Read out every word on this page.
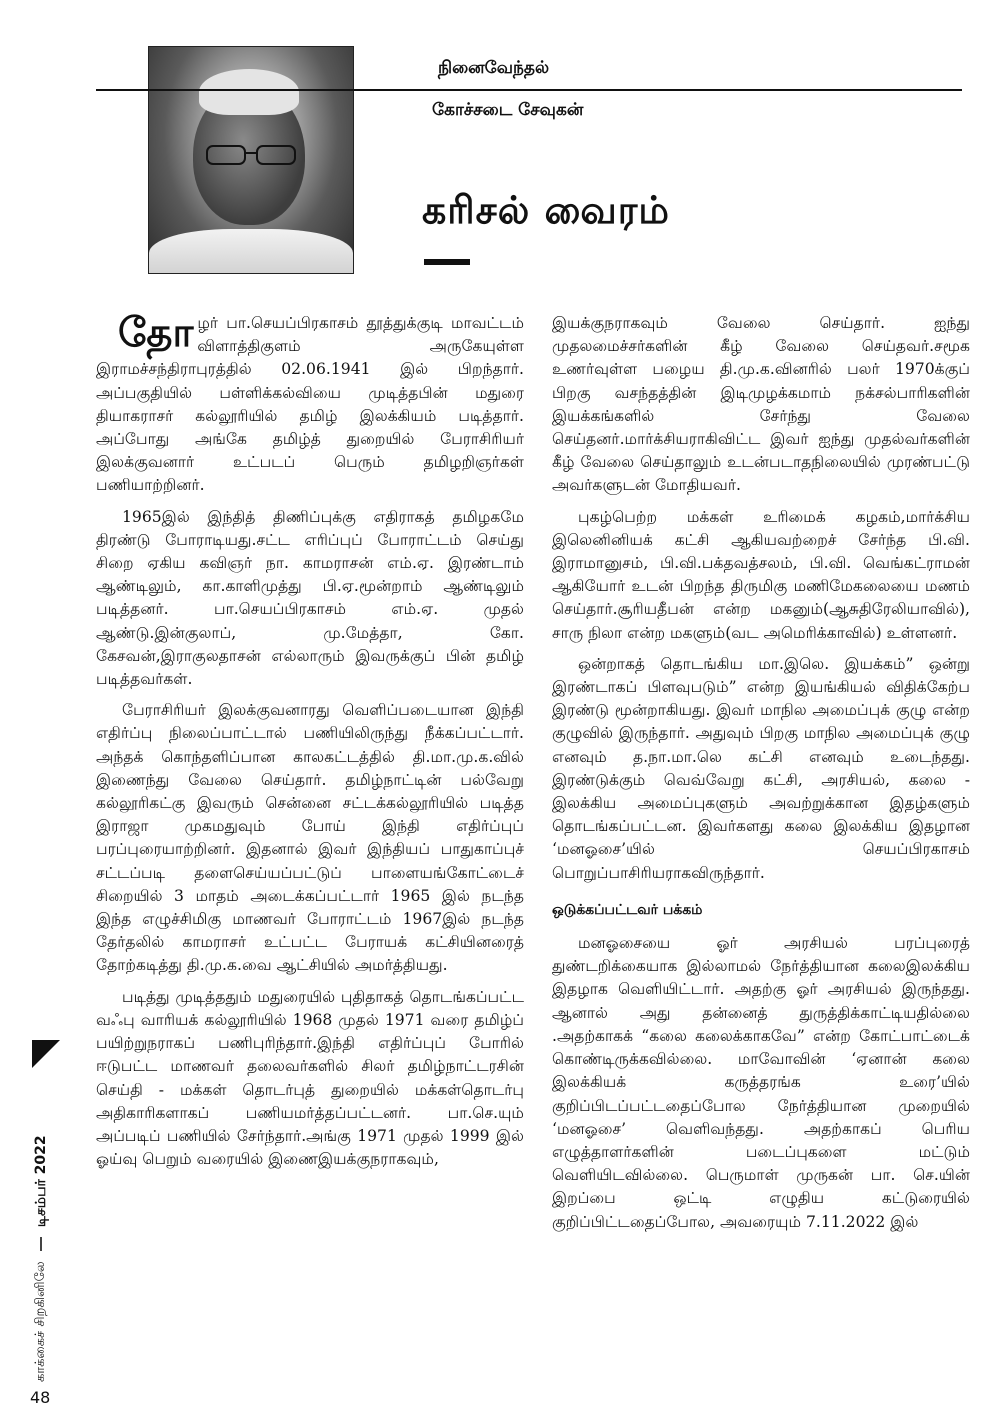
நினைவேந்தல்
கோச்சடை சேவுகன்
கரிசல் வைரம்

தோழர் பா.செயப்பிரகாசம் தூத்துக்குடி மாவட்டம் விளாத்திகுளம் அருகேயுள்ள இராமச்சந்திராபுரத்தில் 02.06.1941 இல் பிறந்தார். அப்பகுதியில் பள்ளிக்கல்வியை முடித்தபின் மதுரை தியாகராசர் கல்லூரியில் தமிழ் இலக்கியம் படித்தார். அப்போது அங்கே தமிழ்த் துறையில் பேராசிரியர் இலக்குவனார் உட்படப் பெரும் தமிழறிஞர்கள் பணியாற்றினர்.

1965இல் இந்தித் திணிப்புக்கு எதிராகத் தமிழகமே திரண்டு போராடியது.சட்ட எரிப்புப் போராட்டம் செய்து சிறை ஏகிய கவிஞர் நா. காமராசன் எம்.ஏ. இரண்டாம் ஆண்டிலும், கா.காளிமுத்து பி.ஏ.மூன்றாம் ஆண்டிலும் படித்தனர். பா.செயப்பிரகாசம் எம்.ஏ. முதல் ஆண்டு.இன்குலாப், மு.மேத்தா, கோ. கேசவன்,இராகுலதாசன் எல்லாரும் இவருக்குப் பின் தமிழ் படித்தவர்கள்.

பேராசிரியர் இலக்குவனாரது வெளிப்படையான இந்தி எதிர்ப்பு நிலைப்பாட்டால் பணியிலிருந்து நீக்கப்பட்டார். அந்தக் கொந்தளிப்பான காலகட்டத்தில் தி.மா.மு.க.வில் இணைந்து வேலை செய்தார். தமிழ்நாட்டின் பல்வேறு கல்லூரிகட்கு இவரும் சென்னை சட்டக்கல்லூரியில் படித்த இராஜா முகமதுவும் போய் இந்தி எதிர்ப்புப் பரப்புரையாற்றினர். இதனால் இவர் இந்தியப் பாதுகாப்புச் சட்டப்படி தளைசெய்யப்பட்டுப் பாளையங்கோட்டைச் சிறையில் 3 மாதம் அடைக்கப்பட்டார் 1965 இல் நடந்த இந்த எழுச்சிமிகு மாணவர் போராட்டம் 1967இல் நடந்த தேர்தலில் காமராசர் உட்பட்ட பேராயக் கட்சியினரைத் தோற்கடித்து தி.மு.க.வை ஆட்சியில் அமர்த்தியது.

படித்து முடித்ததும் மதுரையில் புதிதாகத் தொடங்கப்பட்ட வஃபு வாரியக் கல்லூரியில் 1968 முதல் 1971 வரை தமிழ்ப் பயிற்றுநராகப் பணிபுரிந்தார்.இந்தி எதிர்ப்புப் போரில் ஈடுபட்ட மாணவர் தலைவர்களில் சிலர் தமிழ்நாட்டரசின் செய்தி - மக்கள் தொடர்புத் துறையில் மக்கள்தொடர்பு அதிகாரிகளாகப் பணியமர்த்தப்பட்டனர். பா.செ.யும் அப்படிப் பணியில் சேர்ந்தார்.அங்கு 1971 முதல் 1999 இல் ஓய்வு பெறும் வரையில் இணைஇயக்குநராகவும்,

இயக்குநராகவும் வேலை செய்தார். ஐந்து முதலமைச்சர்களின் கீழ் வேலை செய்தவர்.சமூக உணர்வுள்ள பழைய தி.மு.க.வினரில் பலர் 1970க்குப் பிறகு வசந்தத்தின் இடிமுழக்கமாம் நக்சல்பாரிகளின் இயக்கங்களில் சேர்ந்து வேலை செய்தனர்.மார்க்சியராகிவிட்ட இவர் ஐந்து முதல்வர்களின் கீழ் வேலை செய்தாலும் உடன்படாதநிலையில் முரண்பட்டு அவர்களுடன் மோதியவர்.

புகழ்பெற்ற மக்கள் உரிமைக் கழகம்,மார்க்சிய இலெனினியக் கட்சி ஆகியவற்றைச் சேர்ந்த பி.வி. இராமானுசம், பி.வி.பக்தவத்சலம், பி.வி. வெங்கட்ராமன் ஆகியோர் உடன் பிறந்த திருமிகு மணிமேகலையை மணம் செய்தார்.சூரியதீபன் என்ற மகனும்(ஆசுதிரேலியாவில்), சாரு நிலா என்ற மகளும்(வட அமெரிக்காவில்) உள்ளனர்.

ஒன்றாகத் தொடங்கிய மா.இலெ. இயக்கம்” ஒன்று இரண்டாகப் பிளவுபடும்” என்ற இயங்கியல் விதிக்கேற்ப இரண்டு மூன்றாகியது. இவர் மாநில அமைப்புக் குழு என்ற குழுவில் இருந்தார். அதுவும் பிறகு மாநில அமைப்புக் குழு எனவும் த.நா.மா.லெ கட்சி எனவும் உடைந்தது. இரண்டுக்கும் வெவ்வேறு கட்சி, அரசியல், கலை - இலக்கிய அமைப்புகளும் அவற்றுக்கான இதழ்களும் தொடங்கப்பட்டன. இவர்களது கலை இலக்கிய இதழான ‘மனஓசை’யில் செயப்பிரகாசம் பொறுப்பாசிரியராகவிருந்தார்.

ஒடுக்கப்பட்டவர் பக்கம்

மனஓசையை ஓர் அரசியல் பரப்புரைத் துண்டறிக்கையாக இல்லாமல் நேர்த்தியான கலைஇலக்கிய இதழாக வெளியிட்டார். அதற்கு ஓர் அரசியல் இருந்தது. ஆனால் அது தன்னைத் துருத்திக்காட்டியதில்லை .அதற்காகக் “கலை கலைக்காகவே” என்ற கோட்பாட்டைக் கொண்டிருக்கவில்லை. மாவோவின் ‘ஏனான் கலை இலக்கியக் கருத்தரங்க உரை’யில் குறிப்பிடப்பட்டதைப்போல நேர்த்தியான முறையில் ‘மனஓசை’ வெளிவந்தது. அதற்காகப் பெரிய எழுத்தாளர்களின் படைப்புகளை மட்டும் வெளியிடவில்லை. பெருமாள் முருகன் பா. செ.யின் இறப்பை ஒட்டி எழுதிய கட்டுரையில் குறிப்பிட்டதைப்போல, அவரையும் 7.11.2022 இல்

காக்கைச் சிறகினிலே  டிசம்பர் 2022
48
